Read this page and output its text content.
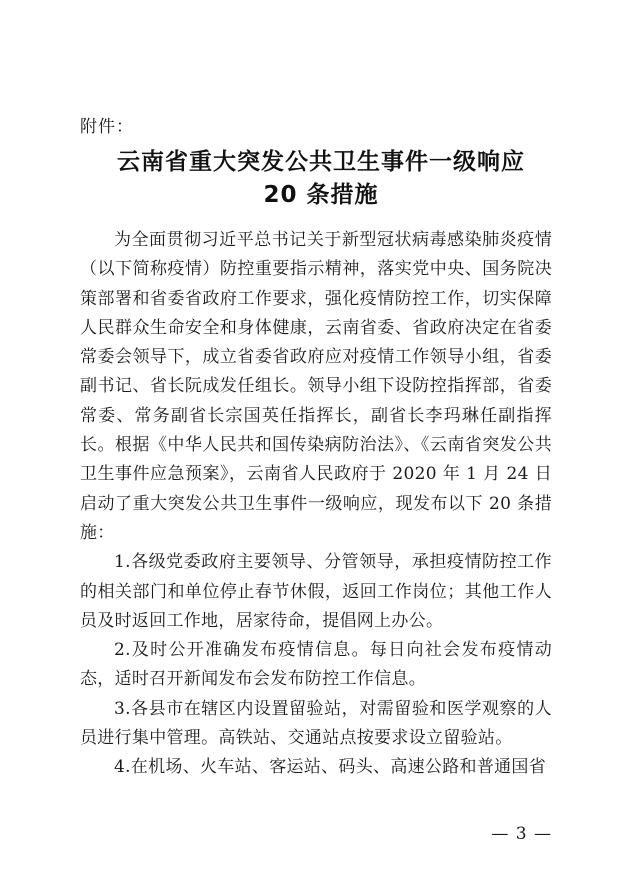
附件：
云南省重大突发公共卫生事件一级响应
20 条措施

为全面贯彻习近平总书记关于新型冠状病毒感染肺炎疫情（以下简称疫情）防控重要指示精神，落实党中央、国务院决策部署和省委省政府工作要求，强化疫情防控工作，切实保障人民群众生命安全和身体健康，云南省委、省政府决定在省委常委会领导下，成立省委省政府应对疫情工作领导小组，省委副书记、省长阮成发任组长。领导小组下设防控指挥部，省委常委、常务副省长宗国英任指挥长，副省长李玛琳任副指挥长。根据《中华人民共和国传染病防治法》、《云南省突发公共卫生事件应急预案》，云南省人民政府于 2020 年 1 月 24 日启动了重大突发公共卫生事件一级响应，现发布以下 20 条措施：

1.各级党委政府主要领导、分管领导，承担疫情防控工作的相关部门和单位停止春节休假，返回工作岗位；其他工作人员及时返回工作地，居家待命，提倡网上办公。

2.及时公开准确发布疫情信息。每日向社会发布疫情动态，适时召开新闻发布会发布防控工作信息。

3.各县市在辖区内设置留验站，对需留验和医学观察的人员进行集中管理。高铁站、交通站点按要求设立留验站。

4.在机场、火车站、客运站、码头、高速公路和普通国省

— 3 —
